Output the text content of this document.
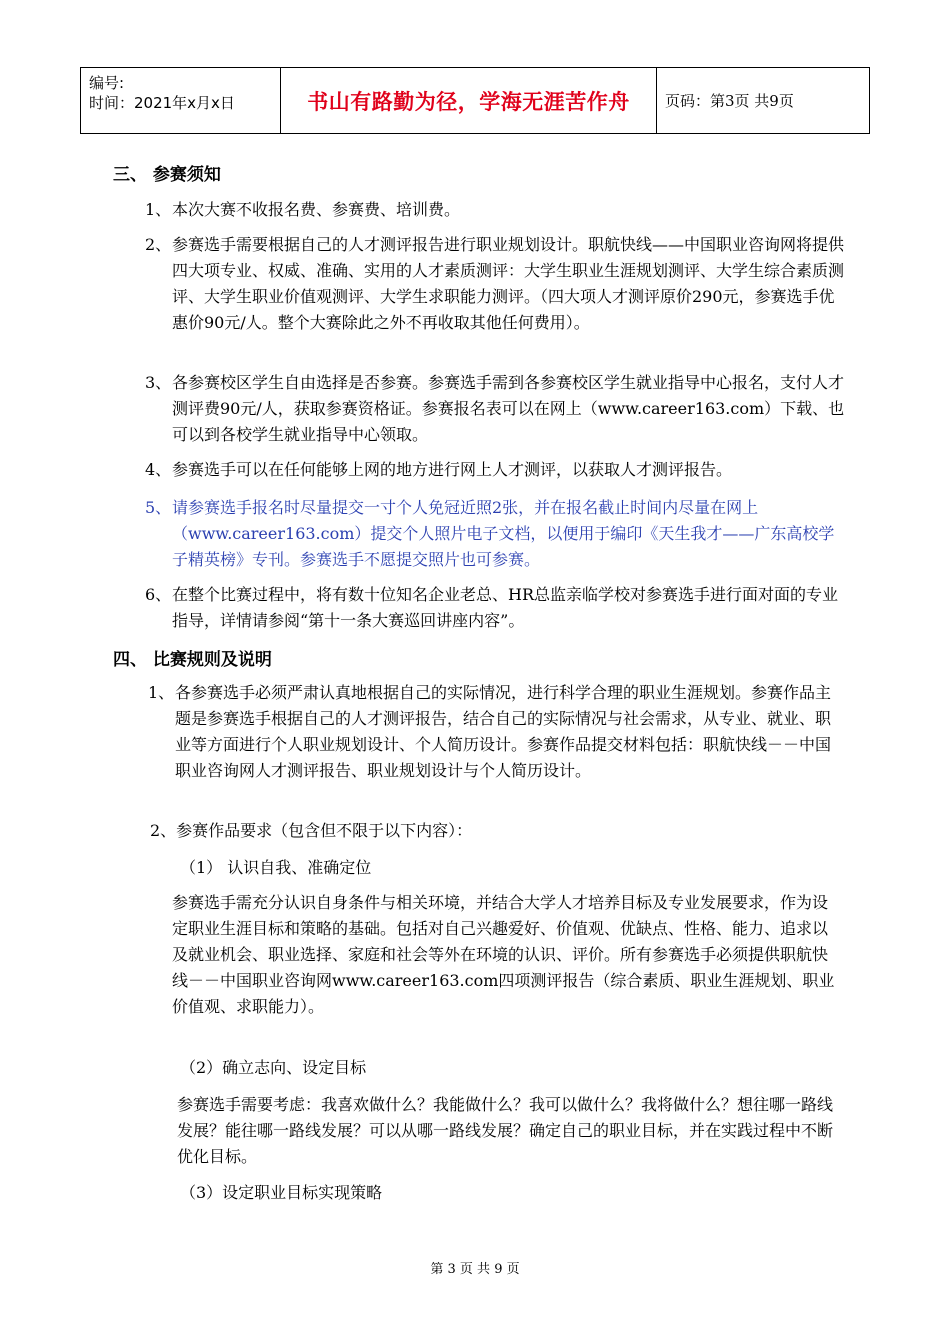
编号:
时间：2021年x月x日	书山有路勤为径，学海无涯苦作舟	页码：第3页 共9页
三、 参赛须知
1、 本次大赛不收报名费、参赛费、培训费。
2、 参赛选手需要根据自己的人才测评报告进行职业规划设计。职航快线——中国职业咨询网将提供四大项专业、权威、准确、实用的人才素质测评：大学生职业生涯规划测评、大学生综合素质测评、大学生职业价值观测评、大学生求职能力测评。（四大项人才测评原价290元，参赛选手优惠价90元/人。整个大赛除此之外不再收取其他任何费用）。
3、 各参赛校区学生自由选择是否参赛。参赛选手需到各参赛校区学生就业指导中心报名，支付人才测评费90元/人，获取参赛资格证。参赛报名表可以在网上（www.career163.com）下载、也可以到各校学生就业指导中心领取。
4、 参赛选手可以在任何能够上网的地方进行网上人才测评，以获取人才测评报告。
5、 请参赛选手报名时尽量提交一寸个人免冠近照2张，并在报名截止时间内尽量在网上（www.career163.com）提交个人照片电子文档，以便用于编印《天生我才——广东高校学子精英榜》专刊。参赛选手不愿提交照片也可参赛。
6、 在整个比赛过程中，将有数十位知名企业老总、HR总监亲临学校对参赛选手进行面对面的专业指导，详情请参阅“第十一条大赛巡回讲座内容”。
四、 比赛规则及说明
1、 各参赛选手必须严肃认真地根据自己的实际情况，进行科学合理的职业生涯规划。参赛作品主题是参赛选手根据自己的人才测评报告，结合自己的实际情况与社会需求，从专业、就业、职业等方面进行个人职业规划设计、个人简历设计。参赛作品提交材料包括：职航快线－－中国职业咨询网人才测评报告、职业规划设计与个人简历设计。

2、参赛作品要求（包含但不限于以下内容）：

（1） 认识自我、准确定位

参赛选手需充分认识自身条件与相关环境，并结合大学人才培养目标及专业发展要求，作为设定职业生涯目标和策略的基础。包括对自己兴趣爱好、价值观、优缺点、性格、能力、追求以及就业机会、职业选择、家庭和社会等外在环境的认识、评价。所有参赛选手必须提供职航快线－－中国职业咨询网www.career163.com四项测评报告（综合素质、职业生涯规划、职业价值观、求职能力）。

（2）确立志向、设定目标

参赛选手需要考虑：我喜欢做什么？我能做什么？我可以做什么？我将做什么？想往哪一路线发展？能往哪一路线发展？可以从哪一路线发展？确定自己的职业目标，并在实践过程中不断优化目标。

（3）设定职业目标实现策略

第 3 页 共 9 页
